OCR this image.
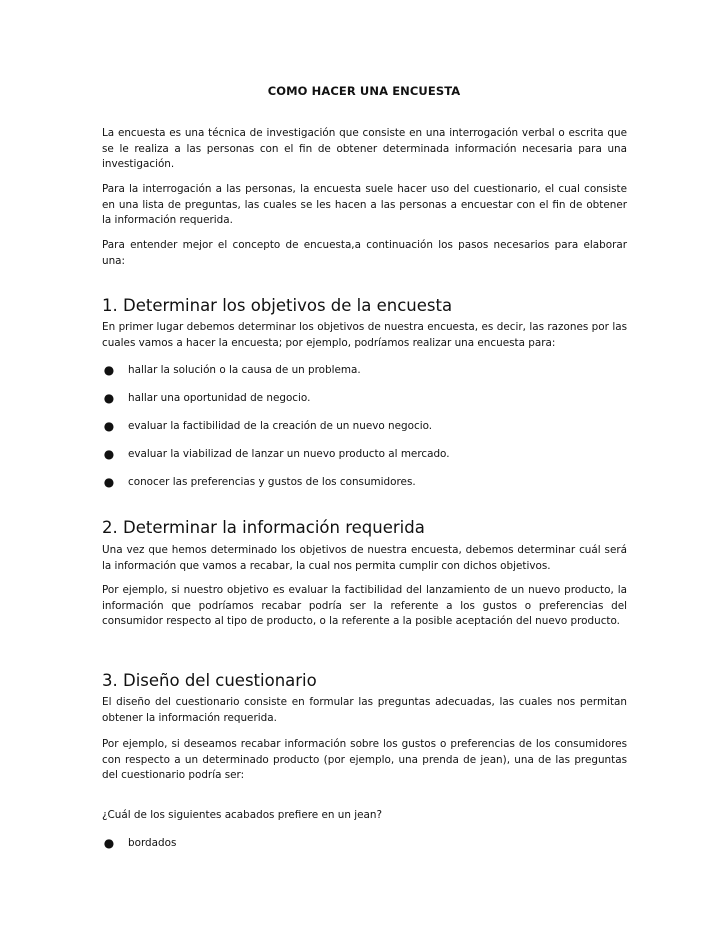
COMO HACER UNA ENCUESTA
La encuesta es una técnica de investigación que consiste en una interrogación verbal o escrita que se le realiza a las personas con el fin de obtener determinada información necesaria para una investigación.
Para la interrogación a las personas, la encuesta suele hacer uso del cuestionario, el cual consiste en una lista de preguntas, las cuales se les hacen a las personas a encuestar con el fin de obtener la información requerida.
Para entender mejor el concepto de encuesta,a continuación los pasos necesarios para elaborar una:
1. Determinar los objetivos de la encuesta
En primer lugar debemos determinar los objetivos de nuestra encuesta, es decir, las razones por las cuales vamos a hacer la encuesta; por ejemplo, podríamos realizar una encuesta para:
● hallar la solución o la causa de un problema.
● hallar una oportunidad de negocio.
● evaluar la factibilidad de la creación de un nuevo negocio.
● evaluar la viabilizad de lanzar un nuevo producto al mercado.
● conocer las preferencias y gustos de los consumidores.
2. Determinar la información requerida
Una vez que hemos determinado los objetivos de nuestra encuesta, debemos determinar cuál será la información que vamos a recabar, la cual nos permita cumplir con dichos objetivos.
Por ejemplo, si nuestro objetivo es evaluar la factibilidad del lanzamiento de un nuevo producto, la información que podríamos recabar podría ser la referente a los gustos o preferencias del consumidor respecto al tipo de producto, o la referente a la posible aceptación del nuevo producto.
3. Diseño del cuestionario
El diseño del cuestionario consiste en formular las preguntas adecuadas, las cuales nos permitan obtener la información requerida.
Por ejemplo, si deseamos recabar información sobre los gustos o preferencias de los consumidores con respecto a un determinado producto (por ejemplo, una prenda de jean), una de las preguntas del cuestionario podría ser:
¿Cuál de los siguientes acabados prefiere en un jean?
● bordados
